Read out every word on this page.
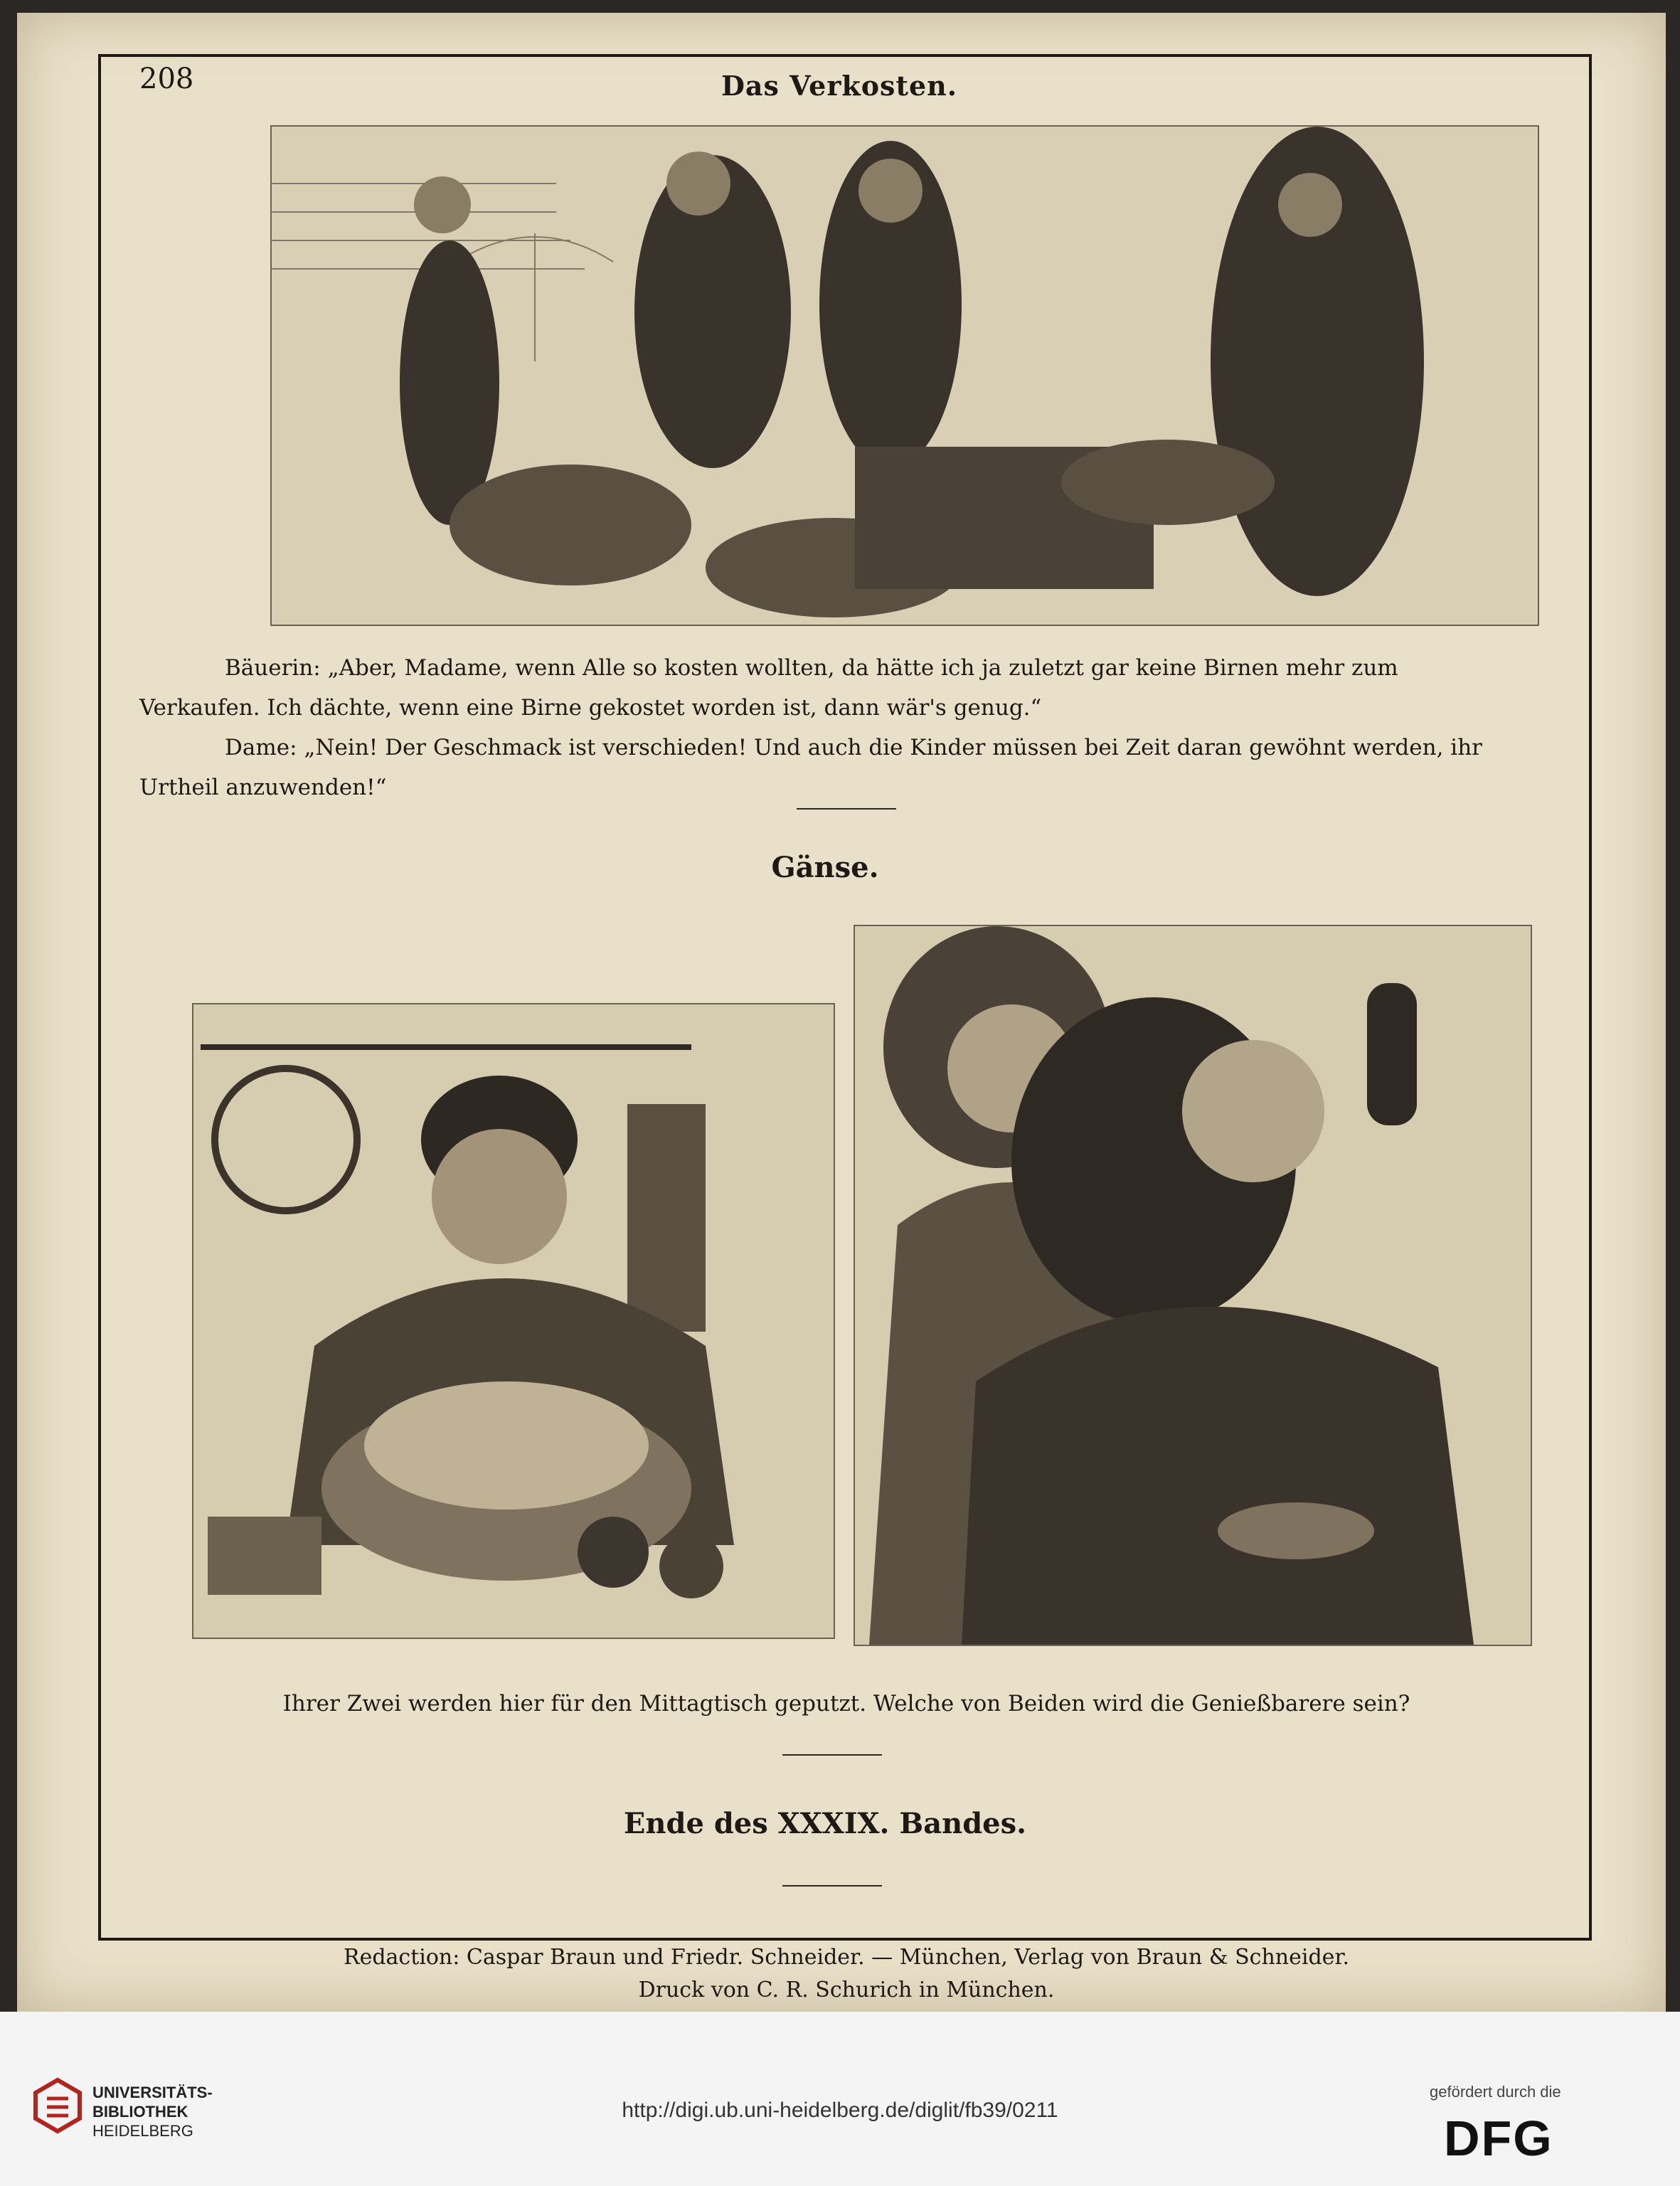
208	Das Verkosten.
Bäuerin: „Aber, Madame, wenn Alle so kosten wollten, da hätte ich ja zuletzt gar keine Birnen mehr zum
Verkaufen. Ich dächte, wenn eine Birne gekostet worden ist, dann wär's genug.“
Dame: „Nein! Der Geschmack ist verschieden! Und auch die Kinder müssen bei Zeit daran gewöhnt werden, ihr
Urtheil anzuwenden!“
Gänse.
Ihrer Zwei werden hier für den Mittagtisch geputzt. Welche von Beiden wird die Genießbarere sein?
Ende des XXXIX. Bandes.
Redaction: Caspar Braun und Friedr. Schneider. — München, Verlag von Braun & Schneider.
Druck von C. R. Schurich in München.
UNIVERSITÄTS-
BIBLIOTHEK
HEIDELBERG
http://digi.ub.uni-heidelberg.de/diglit/fb39/0211
gefördert durch die
DFG
